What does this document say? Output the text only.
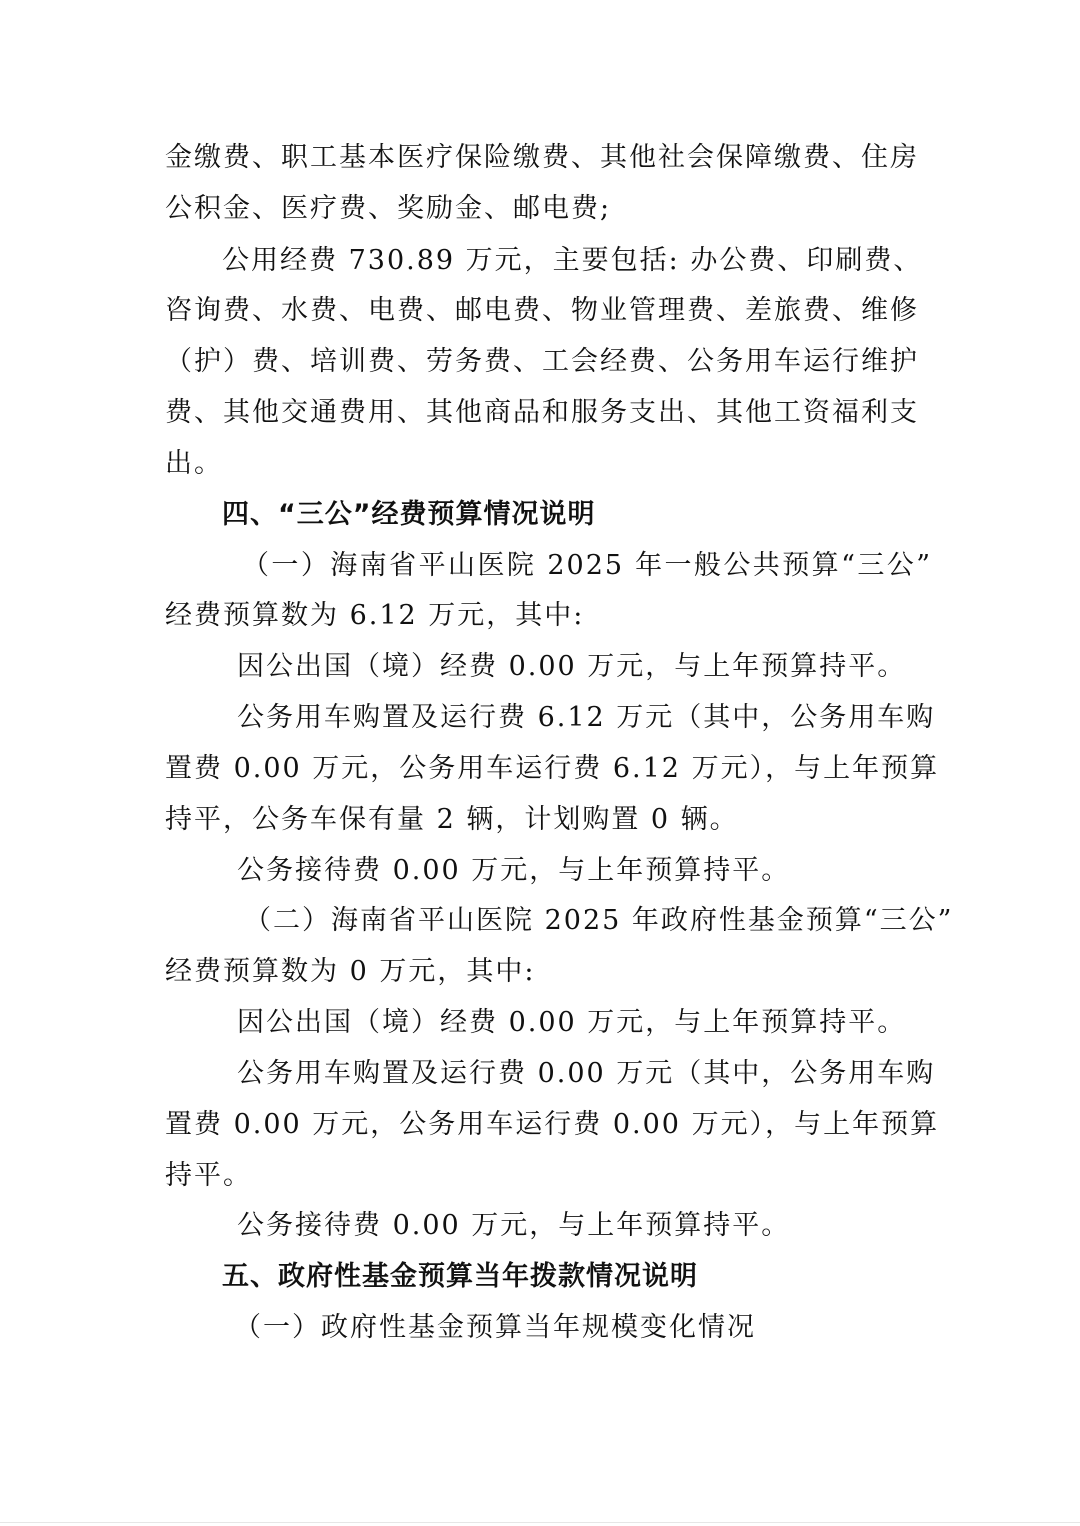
金缴费、职工基本医疗保险缴费、其他社会保障缴费、住房
公积金、医疗费、奖励金、邮电费;
公用经费 730.89 万元，主要包括: 办公费、印刷费、
咨询费、水费、电费、邮电费、物业管理费、差旅费、维修
（护）费、培训费、劳务费、工会经费、公务用车运行维护
费、其他交通费用、其他商品和服务支出、其他工资福利支
出。
四、“三公”经费预算情况说明
（一）海南省平山医院 2025 年一般公共预算“三公”
经费预算数为 6.12 万元，其中:
因公出国（境）经费 0.00 万元，与上年预算持平。
公务用车购置及运行费 6.12 万元（其中，公务用车购
置费 0.00 万元，公务用车运行费 6.12 万元），与上年预算
持平，公务车保有量 2 辆，计划购置 0 辆。
公务接待费 0.00 万元，与上年预算持平。
（二）海南省平山医院 2025 年政府性基金预算“三公”
经费预算数为 0 万元，其中:
因公出国（境）经费 0.00 万元，与上年预算持平。
公务用车购置及运行费 0.00 万元（其中，公务用车购
置费 0.00 万元，公务用车运行费 0.00 万元），与上年预算
持平。
公务接待费 0.00 万元，与上年预算持平。
五、政府性基金预算当年拨款情况说明
（一）政府性基金预算当年规模变化情况
